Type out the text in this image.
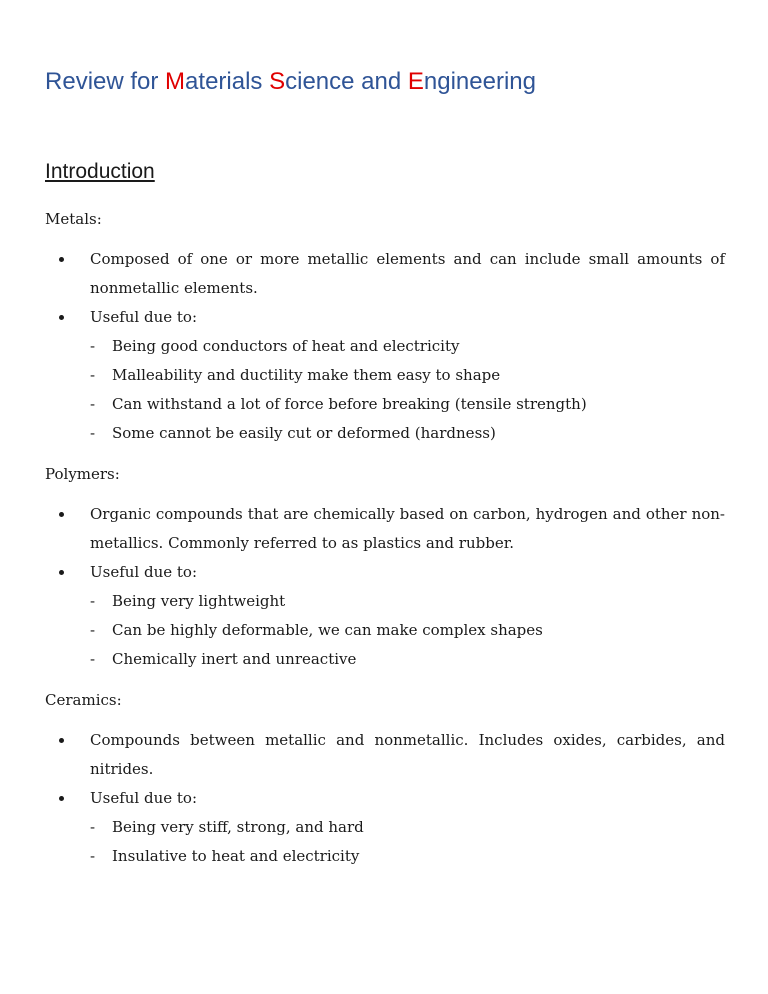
Review for Materials Science and Engineering
Introduction

Metals:

Composed of one or more metallic elements and can include small amounts of nonmetallic elements.
Useful due to:
- Being good conductors of heat and electricity
- Malleability and ductility make them easy to shape
- Can withstand a lot of force before breaking (tensile strength)
- Some cannot be easily cut or deformed (hardness)

Polymers:

Organic compounds that are chemically based on carbon, hydrogen and other non-metallics. Commonly referred to as plastics and rubber.
Useful due to:
- Being very lightweight
- Can be highly deformable, we can make complex shapes
- Chemically inert and unreactive

Ceramics:

Compounds between metallic and nonmetallic. Includes oxides, carbides, and nitrides.
Useful due to:
- Being very stiff, strong, and hard
- Insulative to heat and electricity
